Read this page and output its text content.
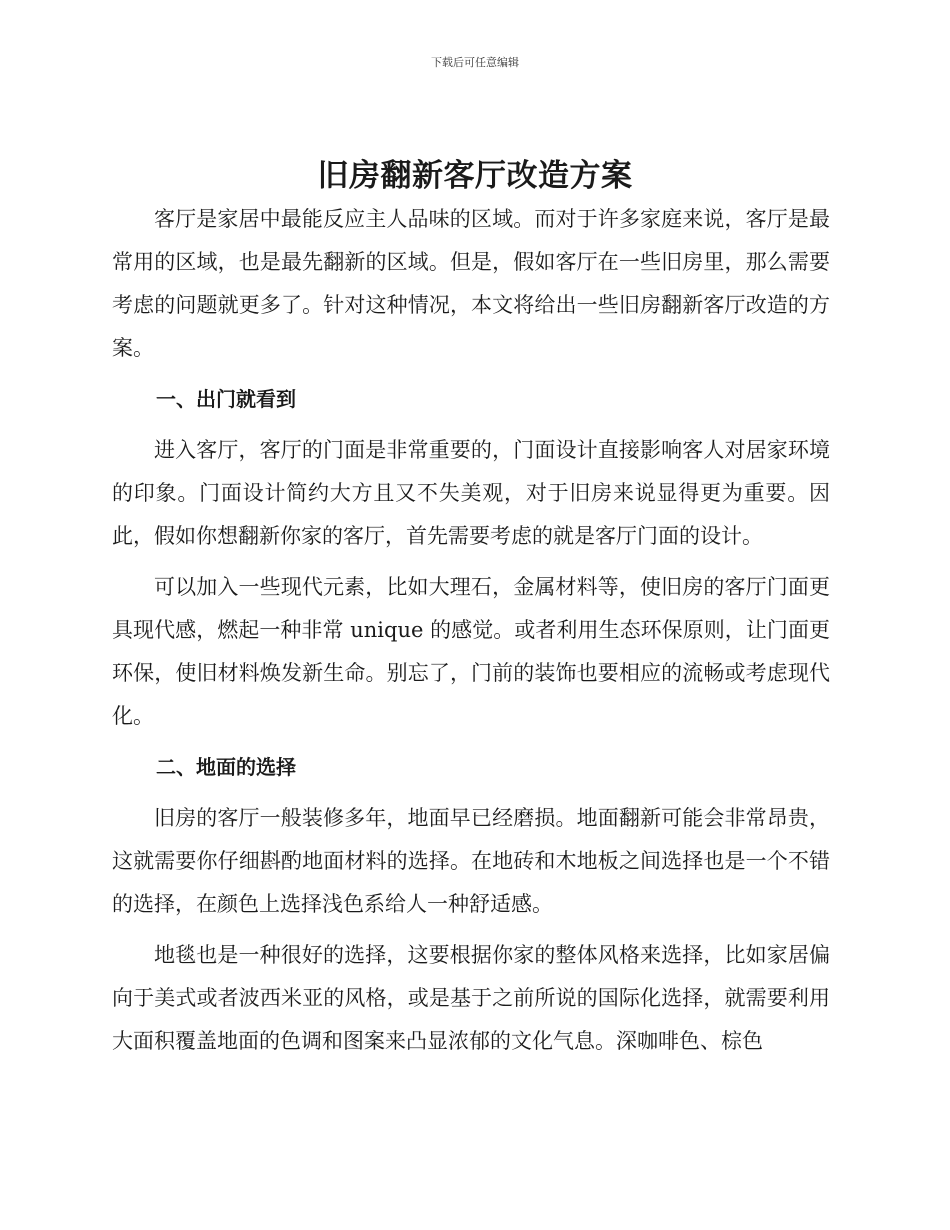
下载后可任意编辑
旧房翻新客厅改造方案

客厅是家居中最能反应主人品味的区域。而对于许多家庭来说，客厅是最常用的区域，也是最先翻新的区域。但是，假如客厅在一些旧房里，那么需要考虑的问题就更多了。针对这种情况，本文将给出一些旧房翻新客厅改造的方案。

一、出门就看到

进入客厅，客厅的门面是非常重要的，门面设计直接影响客人对居家环境的印象。门面设计简约大方且又不失美观，对于旧房来说显得更为重要。因此，假如你想翻新你家的客厅，首先需要考虑的就是客厅门面的设计。

可以加入一些现代元素，比如大理石，金属材料等，使旧房的客厅门面更具现代感，燃起一种非常 unique 的感觉。或者利用生态环保原则，让门面更环保，使旧材料焕发新生命。别忘了，门前的装饰也要相应的流畅或考虑现代化。

二、地面的选择

旧房的客厅一般装修多年，地面早已经磨损。地面翻新可能会非常昂贵，这就需要你仔细斟酌地面材料的选择。在地砖和木地板之间选择也是一个不错的选择，在颜色上选择浅色系给人一种舒适感。

地毯也是一种很好的选择，这要根据你家的整体风格来选择，比如家居偏向于美式或者波西米亚的风格，或是基于之前所说的国际化选择，就需要利用大面积覆盖地面的色调和图案来凸显浓郁的文化气息。深咖啡色、棕色
